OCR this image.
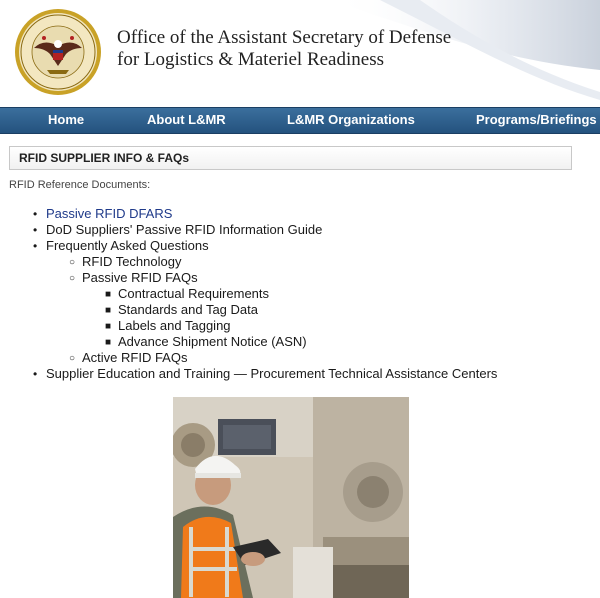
Office of the Assistant Secretary of Defense
for Logistics & Materiel Readiness
Home	About L&MR	L&MR Organizations	Programs/Briefings
RFID SUPPLIER INFO & FAQs
RFID Reference Documents:
• Passive RFID DFARS
• DoD Suppliers' Passive RFID Information Guide
• Frequently Asked Questions
○ RFID Technology
○ Passive RFID FAQs
■ Contractual Requirements
■ Standards and Tag Data
■ Labels and Tagging
■ Advance Shipment Notice (ASN)
○ Active RFID FAQs
• Supplier Education and Training — Procurement Technical Assistance Centers
